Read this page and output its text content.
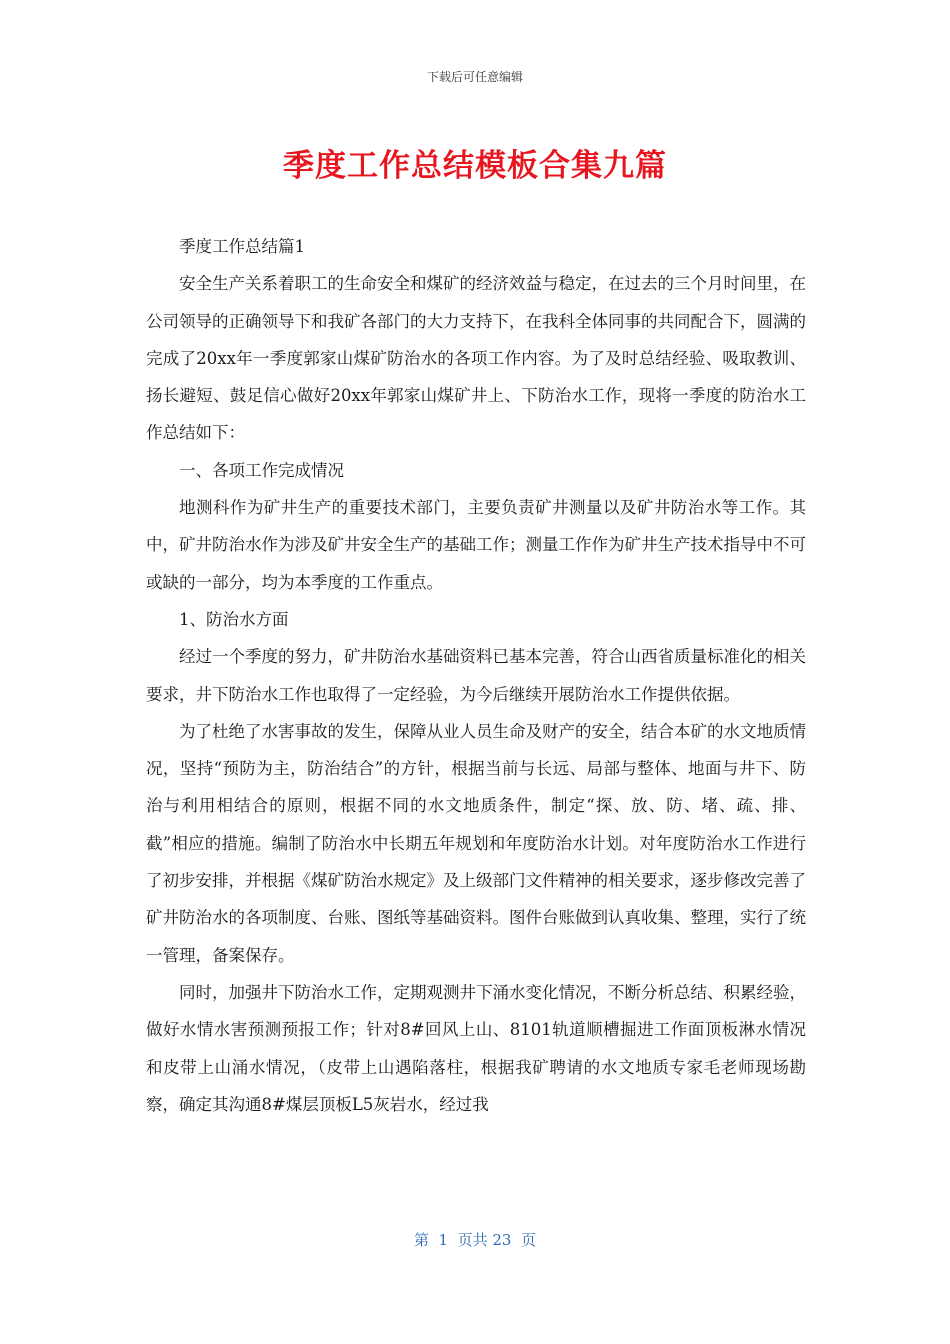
下载后可任意编辑
季度工作总结模板合集九篇

季度工作总结篇1

安全生产关系着职工的生命安全和煤矿的经济效益与稳定，在过去的三个月时间里，在公司领导的正确领导下和我矿各部门的大力支持下，在我科全体同事的共同配合下，圆满的完成了20xx年一季度郭家山煤矿防治水的各项工作内容。为了及时总结经验、吸取教训、扬长避短、鼓足信心做好20xx年郭家山煤矿井上、下防治水工作，现将一季度的防治水工作总结如下：

一、各项工作完成情况

地测科作为矿井生产的重要技术部门，主要负责矿井测量以及矿井防治水等工作。其中，矿井防治水作为涉及矿井安全生产的基础工作；测量工作作为矿井生产技术指导中不可或缺的一部分，均为本季度的工作重点。

1、防治水方面

经过一个季度的努力，矿井防治水基础资料已基本完善，符合山西省质量标准化的相关要求，井下防治水工作也取得了一定经验，为今后继续开展防治水工作提供依据。

为了杜绝了水害事故的发生，保障从业人员生命及财产的安全，结合本矿的水文地质情况，坚持“预防为主，防治结合”的方针，根据当前与长远、局部与整体、地面与井下、防治与利用相结合的原则，根据不同的水文地质条件，制定“探、放、防、堵、疏、排、截”相应的措施。编制了防治水中长期五年规划和年度防治水计划。对年度防治水工作进行了初步安排，并根据《煤矿防治水规定》及上级部门文件精神的相关要求，逐步修改完善了矿井防治水的各项制度、台账、图纸等基础资料。图件台账做到认真收集、整理，实行了统一管理，备案保存。

同时，加强井下防治水工作，定期观测井下涌水变化情况，不断分析总结、积累经验，做好水情水害预测预报工作；针对8#回风上山、8101轨道顺槽掘进工作面顶板淋水情况和皮带上山涌水情况，（皮带上山遇陷落柱，根据我矿聘请的水文地质专家毛老师现场勘察，确定其沟通8#煤层顶板L5灰岩水，经过我

第  1  页共 23  页
